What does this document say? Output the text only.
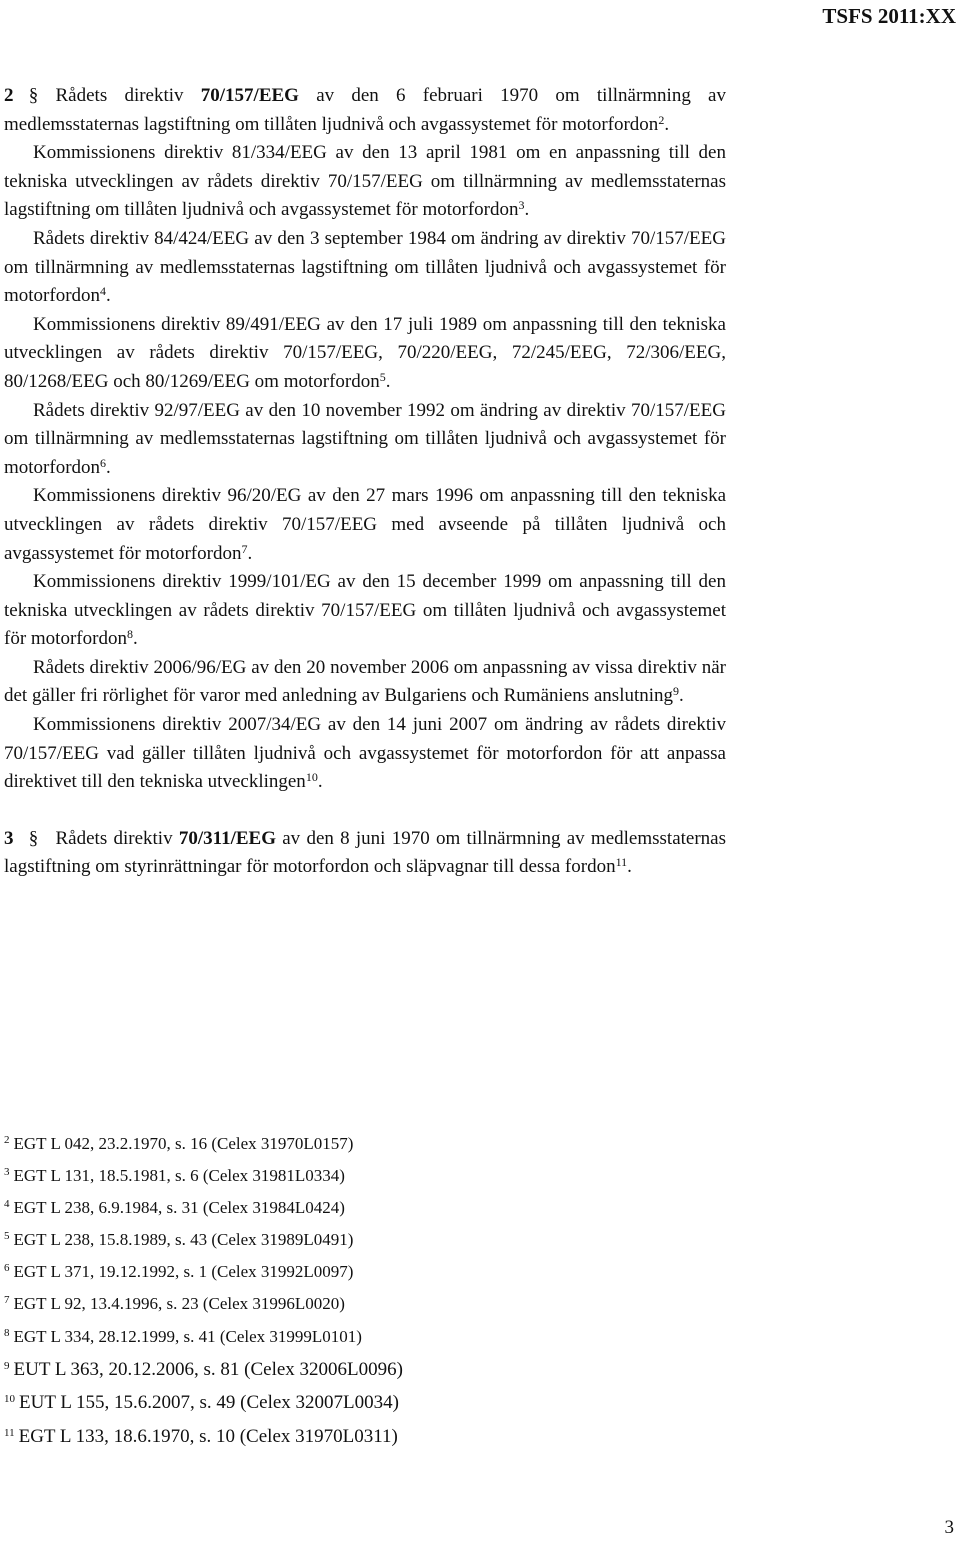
TSFS 2011:XX

2 § Rådets direktiv 70/157/EEG av den 6 februari 1970 om tillnärmning av medlemsstaternas lagstiftning om tillåten ljudnivå och avgassystemet för motorfordon$^2$.

Kommissionens direktiv 81/334/EEG av den 13 april 1981 om en anpassning till den tekniska utvecklingen av rådets direktiv 70/157/EEG om tillnärmning av medlemsstaternas lagstiftning om tillåten ljudnivå och avgassystemet för motorfordon$^3$.

Rådets direktiv 84/424/EEG av den 3 september 1984 om ändring av direktiv 70/157/EEG om tillnärmning av medlemsstaternas lagstiftning om tillåten ljudnivå och avgassystemet för motorfordon$^4$.

Kommissionens direktiv 89/491/EEG av den 17 juli 1989 om anpassning till den tekniska utvecklingen av rådets direktiv 70/157/EEG, 70/220/EEG, 72/245/EEG, 72/306/EEG, 80/1268/EEG och 80/1269/EEG om motorfordon$^5$.

Rådets direktiv 92/97/EEG av den 10 november 1992 om ändring av direktiv 70/157/EEG om tillnärmning av medlemsstaternas lagstiftning om tillåten ljudnivå och avgassystemet för motorfordon$^6$.

Kommissionens direktiv 96/20/EG av den 27 mars 1996 om anpassning till den tekniska utvecklingen av rådets direktiv 70/157/EEG med avseende på tillåten ljudnivå och avgassystemet för motorfordon$^7$.

Kommissionens direktiv 1999/101/EG av den 15 december 1999 om anpassning till den tekniska utvecklingen av rådets direktiv 70/157/EEG om tillåten ljudnivå och avgassystemet för motorfordon$^8$.

Rådets direktiv 2006/96/EG av den 20 november 2006 om anpassning av vissa direktiv när det gäller fri rörlighet för varor med anledning av Bulgariens och Rumäniens anslutning$^9$.

Kommissionens direktiv 2007/34/EG av den 14 juni 2007 om ändring av rådets direktiv 70/157/EEG vad gäller tillåten ljudnivå och avgassystemet för motorfordon för att anpassa direktivet till den tekniska utvecklingen$^{10}$.

3 § Rådets direktiv 70/311/EEG av den 8 juni 1970 om tillnärmning av medlemsstaternas lagstiftning om styrinrättningar för motorfordon och släpvagnar till dessa fordon$^{11}$.

$^2$ EGT L 042, 23.2.1970, s. 16 (Celex 31970L0157)
$^3$ EGT L 131, 18.5.1981, s. 6 (Celex 31981L0334)
$^4$ EGT L 238, 6.9.1984, s. 31 (Celex 31984L0424)
$^5$ EGT L 238, 15.8.1989, s. 43 (Celex 31989L0491)
$^6$ EGT L 371, 19.12.1992, s. 1 (Celex 31992L0097)
$^7$ EGT L 92, 13.4.1996, s. 23 (Celex 31996L0020)
$^8$ EGT L 334, 28.12.1999, s. 41 (Celex 31999L0101)
$^9$ EUT L 363, 20.12.2006, s. 81 (Celex 32006L0096)
$^{10}$ EUT L 155, 15.6.2007, s. 49 (Celex 32007L0034)
$^{11}$ EGT L 133, 18.6.1970, s. 10 (Celex 31970L0311)
3
